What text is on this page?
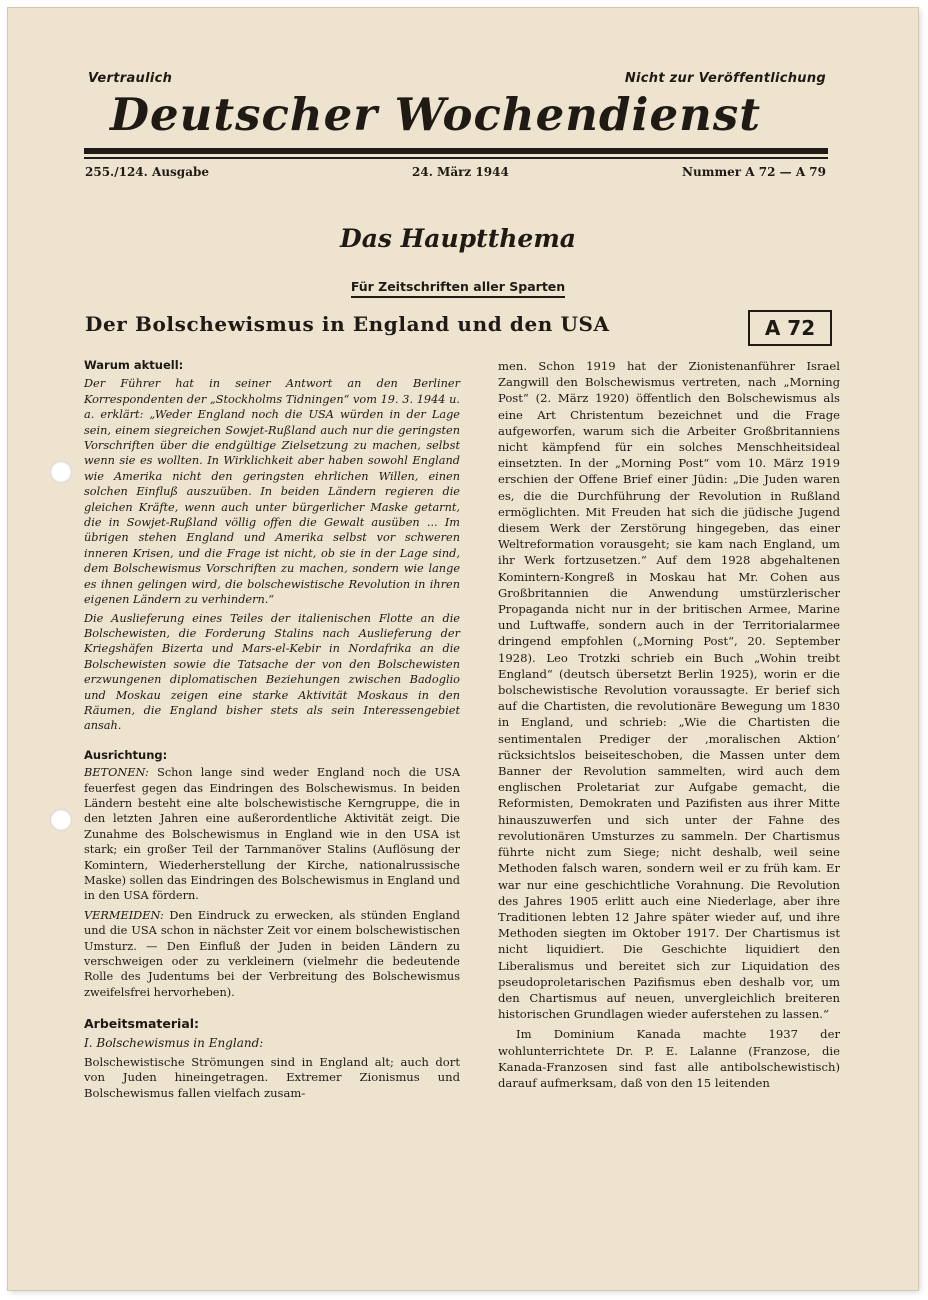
Vertraulich	Nicht zur Veröffentlichung
Deutscher Wochendienst
255./124. Ausgabe	24. März 1944	Nummer A 72 — A 79
Das Hauptthema
Für Zeitschriften aller Sparten
Der Bolschewismus in England und den USA	A 72

Warum aktuell:

Der Führer hat in seiner Antwort an den Berliner Korrespondenten der „Stockholms Tidningen“ vom 19. 3. 1944 u. a. erklärt: „Weder England noch die USA würden in der Lage sein, einem siegreichen Sowjet-Rußland auch nur die geringsten Vorschriften über die endgültige Zielsetzung zu machen, selbst wenn sie es wollten. In Wirklichkeit aber haben sowohl England wie Amerika nicht den geringsten ehrlichen Willen, einen solchen Einfluß auszuüben. In beiden Ländern regieren die gleichen Kräfte, wenn auch unter bürgerlicher Maske getarnt, die in Sowjet-Rußland völlig offen die Gewalt ausüben ... Im übrigen stehen England und Amerika selbst vor schweren inneren Krisen, und die Frage ist nicht, ob sie in der Lage sind, dem Bolschewismus Vorschriften zu machen, sondern wie lange es ihnen gelingen wird, die bolschewistische Revolution in ihren eigenen Ländern zu verhindern.“

Die Auslieferung eines Teiles der italienischen Flotte an die Bolschewisten, die Forderung Stalins nach Auslieferung der Kriegshäfen Bizerta und Mars-el-Kebir in Nordafrika an die Bolschewisten sowie die Tatsache der von den Bolschewisten erzwungenen diplomatischen Beziehungen zwischen Badoglio und Moskau zeigen eine starke Aktivität Moskaus in den Räumen, die England bisher stets als sein Interessengebiet ansah.

Ausrichtung:

BETONEN: Schon lange sind weder England noch die USA feuerfest gegen das Eindringen des Bolschewismus. In beiden Ländern besteht eine alte bolschewistische Kerngruppe, die in den letzten Jahren eine außerordentliche Aktivität zeigt. Die Zunahme des Bolschewismus in England wie in den USA ist stark; ein großer Teil der Tarnmanöver Stalins (Auflösung der Komintern, Wiederherstellung der Kirche, nationalrussische Maske) sollen das Eindringen des Bolschewismus in England und in den USA fördern.

VERMEIDEN: Den Eindruck zu erwecken, als stünden England und die USA schon in nächster Zeit vor einem bolschewistischen Umsturz. — Den Einfluß der Juden in beiden Ländern zu verschweigen oder zu verkleinern (vielmehr die bedeutende Rolle des Judentums bei der Verbreitung des Bolschewismus zweifelsfrei hervorheben).

Arbeitsmaterial:

I. Bolschewismus in England:

Bolschewistische Strömungen sind in England alt; auch dort von Juden hineingetragen. Extremer Zionismus und Bolschewismus fallen vielfach zusam-

men. Schon 1919 hat der Zionistenanführer Israel Zangwill den Bolschewismus vertreten, nach „Morning Post“ (2. März 1920) öffentlich den Bolschewismus als eine Art Christentum bezeichnet und die Frage aufgeworfen, warum sich die Arbeiter Großbritanniens nicht kämpfend für ein solches Menschheitsideal einsetzten. In der „Morning Post“ vom 10. März 1919 erschien der Offene Brief einer Jüdin: „Die Juden waren es, die die Durchführung der Revolution in Rußland ermöglichten. Mit Freuden hat sich die jüdische Jugend diesem Werk der Zerstörung hingegeben, das einer Weltreformation vorausgeht; sie kam nach England, um ihr Werk fortzusetzen.“ Auf dem 1928 abgehaltenen Komintern-Kongreß in Moskau hat Mr. Cohen aus Großbritannien die Anwendung umstürzlerischer Propaganda nicht nur in der britischen Armee, Marine und Luftwaffe, sondern auch in der Territorialarmee dringend empfohlen („Morning Post“, 20. September 1928). Leo Trotzki schrieb ein Buch „Wohin treibt England“ (deutsch übersetzt Berlin 1925), worin er die bolschewistische Revolution voraussagte. Er berief sich auf die Chartisten, die revolutionäre Bewegung um 1830 in England, und schrieb: „Wie die Chartisten die sentimentalen Prediger der ‚moralischen Aktion‘ rücksichtslos beiseiteschoben, die Massen unter dem Banner der Revolution sammelten, wird auch dem englischen Proletariat zur Aufgabe gemacht, die Reformisten, Demokraten und Pazifisten aus ihrer Mitte hinauszuwerfen und sich unter der Fahne des revolutionären Umsturzes zu sammeln. Der Chartismus führte nicht zum Siege; nicht deshalb, weil seine Methoden falsch waren, sondern weil er zu früh kam. Er war nur eine geschichtliche Vorahnung. Die Revolution des Jahres 1905 erlitt auch eine Niederlage, aber ihre Traditionen lebten 12 Jahre später wieder auf, und ihre Methoden siegten im Oktober 1917. Der Chartismus ist nicht liquidiert. Die Geschichte liquidiert den Liberalismus und bereitet sich zur Liquidation des pseudoproletarischen Pazifismus eben deshalb vor, um den Chartismus auf neuen, unvergleichlich breiteren historischen Grundlagen wieder auferstehen zu lassen.“

Im Dominium Kanada machte 1937 der wohlunterrichtete Dr. P. E. Lalanne (Franzose, die Kanada-Franzosen sind fast alle antibolschewistisch) darauf aufmerksam, daß von den 15 leitenden
